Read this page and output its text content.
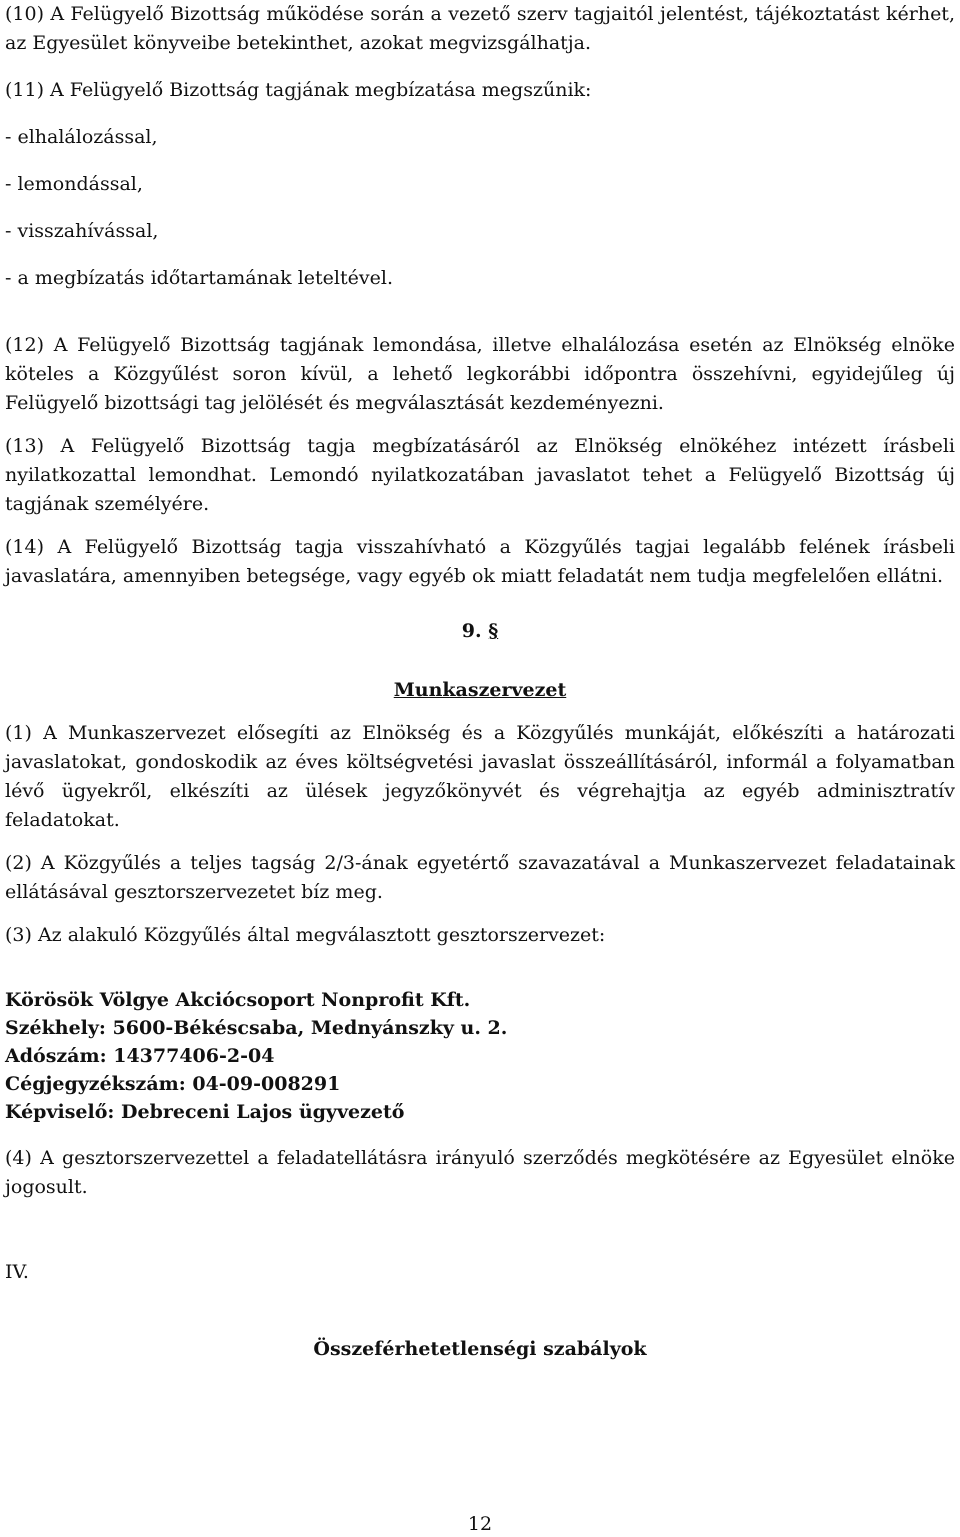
(10) A Felügyelő Bizottság működése során a vezető szerv tagjaitól jelentést, tájékoztatást kérhet, az Egyesület könyveibe betekinthet, azokat megvizsgálhatja.

(11) A Felügyelő Bizottság tagjának megbízatása megszűnik:

- elhalálozással,

- lemondással,

- visszahívással,

- a megbízatás időtartamának leteltével.

(12) A Felügyelő Bizottság tagjának lemondása, illetve elhalálozása esetén az Elnökség elnöke köteles a Közgyűlést soron kívül, a lehető legkorábbi időpontra összehívni, egyidejűleg új Felügyelő bizottsági tag jelölését és megválasztását kezdeményezni.

(13) A Felügyelő Bizottság tagja megbízatásáról az Elnökség elnökéhez intézett írásbeli nyilatkozattal lemondhat. Lemondó nyilatkozatában javaslatot tehet a Felügyelő Bizottság új tagjának személyére.

(14) A Felügyelő Bizottság tagja visszahívható a Közgyűlés tagjai legalább felének írásbeli javaslatára, amennyiben betegsége, vagy egyéb ok miatt feladatát nem tudja megfelelően ellátni.

9. §

Munkaszervezet

(1) A Munkaszervezet elősegíti az Elnökség és a Közgyűlés munkáját, előkészíti a határozati javaslatokat, gondoskodik az éves költségvetési javaslat összeállításáról, informál a folyamatban lévő ügyekről, elkészíti az ülések jegyzőkönyvét és végrehajtja az egyéb adminisztratív feladatokat.

(2) A Közgyűlés a teljes tagság 2/3-ának egyetértő szavazatával a Munkaszervezet feladatainak ellátásával gesztorszervezetet bíz meg.

(3) Az alakuló Közgyűlés által megválasztott gesztorszervezet:

Körösök Völgye Akciócsoport Nonprofit Kft.

Székhely: 5600-Békéscsaba, Mednyánszky u. 2.

Adószám: 14377406-2-04

Cégjegyzékszám: 04-09-008291

Képviselő: Debreceni Lajos ügyvezető

(4) A gesztorszervezettel a feladatellátásra irányuló szerződés megkötésére az Egyesület elnöke jogosult.

IV.

Összeférhetetlenségi szabályok

12
